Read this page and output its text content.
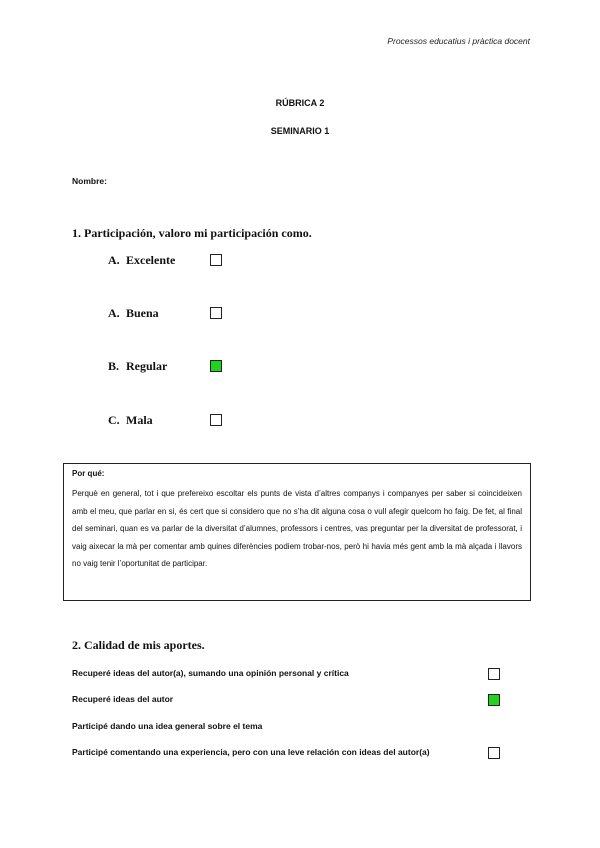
Processos educatius i pràctica docent
RÚBRICA 2
SEMINARIO 1
Nombre:
1. Participación, valoro mi participación como.
A. Excelente
A. Buena
B. Regular
C. Mala
Por qué:
Perquè en general, tot i que prefereixo escoltar els punts de vista d’altres companys i companyes per saber si coincideixen amb el meu, que parlar en si, és cert que si considero que no s’ha dit alguna cosa o vull afegir quelcom ho faig. De fet, al final del seminari, quan es va parlar de la diversitat d’alumnes, professors i centres, vas preguntar per la diversitat de professorat, i vaig aixecar la mà per comentar amb quines diferències podiem trobar-nos, però hi havia més gent amb la mà alçada i llavors no vaig tenir l’oportunitat de participar.
2. Calidad de mis aportes.
Recuperé ideas del autor(a), sumando una opinión personal y crítica
Recuperé ideas del autor
Participé dando una idea general sobre el tema
Participé comentando una experiencia, pero con una leve relación con ideas del autor(a)
